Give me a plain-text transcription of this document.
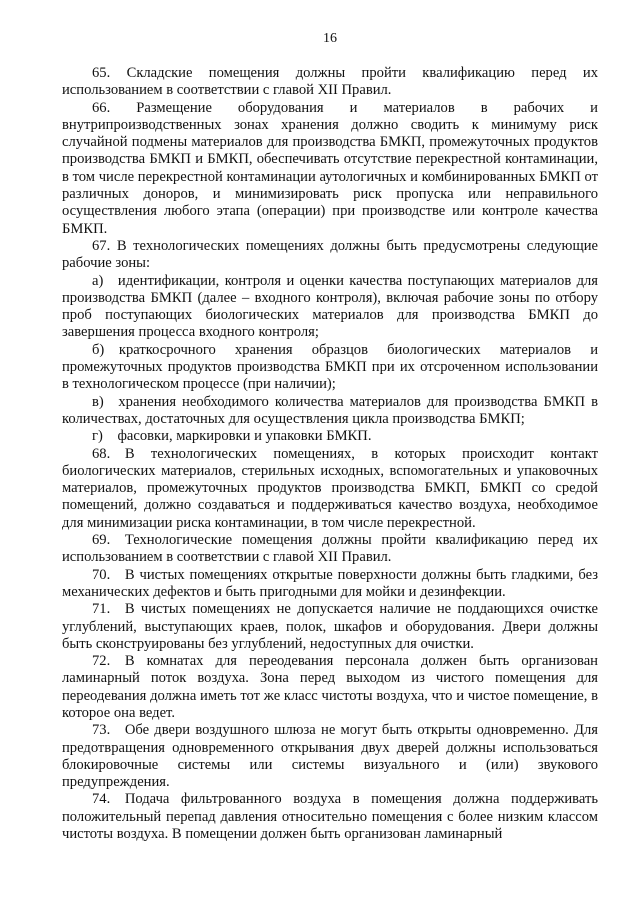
16

65. Складские помещения должны пройти квалификацию перед их использованием в соответствии с главой XII Правил.

66. Размещение оборудования и материалов в рабочих и внутрипроизводственных зонах хранения должно сводить к минимуму риск случайной подмены материалов для производства БМКП, промежуточных продуктов производства БМКП и БМКП, обеспечивать отсутствие перекрестной контаминации, в том числе перекрестной контаминации аутологичных и комбинированных БМКП от различных доноров, и минимизировать риск пропуска или неправильного осуществления любого этапа (операции) при производстве или контроле качества БМКП.

67. В технологических помещениях должны быть предусмотрены следующие рабочие зоны:

а) идентификации, контроля и оценки качества поступающих материалов для производства БМКП (далее – входного контроля), включая рабочие зоны по отбору проб поступающих биологических материалов для производства БМКП до завершения процесса входного контроля;

б) краткосрочного хранения образцов биологических материалов и промежуточных продуктов производства БМКП при их отсроченном использовании в технологическом процессе (при наличии);

в) хранения необходимого количества материалов для производства БМКП в количествах, достаточных для осуществления цикла производства БМКП;

г) фасовки, маркировки и упаковки БМКП.

68. В технологических помещениях, в которых происходит контакт биологических материалов, стерильных исходных, вспомогательных и упаковочных материалов, промежуточных продуктов производства БМКП, БМКП со средой помещений, должно создаваться и поддерживаться качество воздуха, необходимое для минимизации риска контаминации, в том числе перекрестной.

69. Технологические помещения должны пройти квалификацию перед их использованием в соответствии с главой XII Правил.

70. В чистых помещениях открытые поверхности должны быть гладкими, без механических дефектов и быть пригодными для мойки и дезинфекции.

71. В чистых помещениях не допускается наличие не поддающихся очистке углублений, выступающих краев, полок, шкафов и оборудования. Двери должны быть сконструированы без углублений, недоступных для очистки.

72. В комнатах для переодевания персонала должен быть организован ламинарный поток воздуха. Зона перед выходом из чистого помещения для переодевания должна иметь тот же класс чистоты воздуха, что и чистое помещение, в которое она ведет.

73. Обе двери воздушного шлюза не могут быть открыты одновременно. Для предотвращения одновременного открывания двух дверей должны использоваться блокировочные системы или системы визуального и (или) звукового предупреждения.

74. Подача фильтрованного воздуха в помещения должна поддерживать положительный перепад давления относительно помещения с более низким классом чистоты воздуха. В помещении должен быть организован ламинарный
